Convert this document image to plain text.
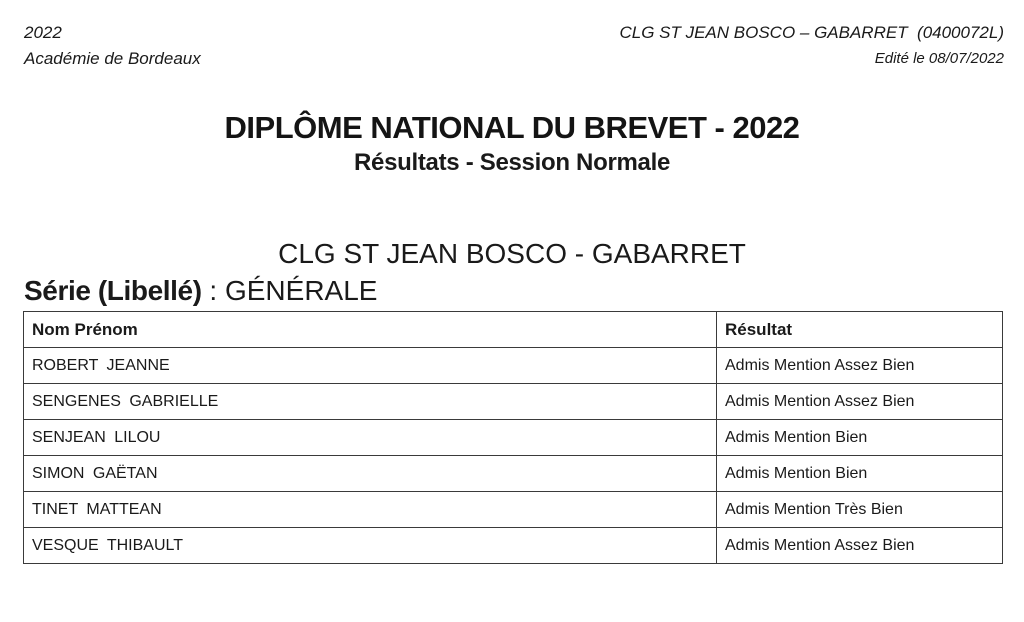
2022
Académie de Bordeaux
CLG ST JEAN BOSCO – GABARRET  (0400072L)
Edité le 08/07/2022
DIPLÔME NATIONAL DU BREVET - 2022
Résultats - Session Normale
CLG ST JEAN BOSCO - GABARRET
Série (Libellé) : GÉNÉRALE
Nom Prénom	Résultat
ROBERT JEANNE	Admis Mention Assez Bien
SENGENES GABRIELLE	Admis Mention Assez Bien
SENJEAN LILOU	Admis Mention Bien
SIMON GAËTAN	Admis Mention Bien
TINET MATTEAN	Admis Mention Très Bien
VESQUE THIBAULT	Admis Mention Assez Bien
